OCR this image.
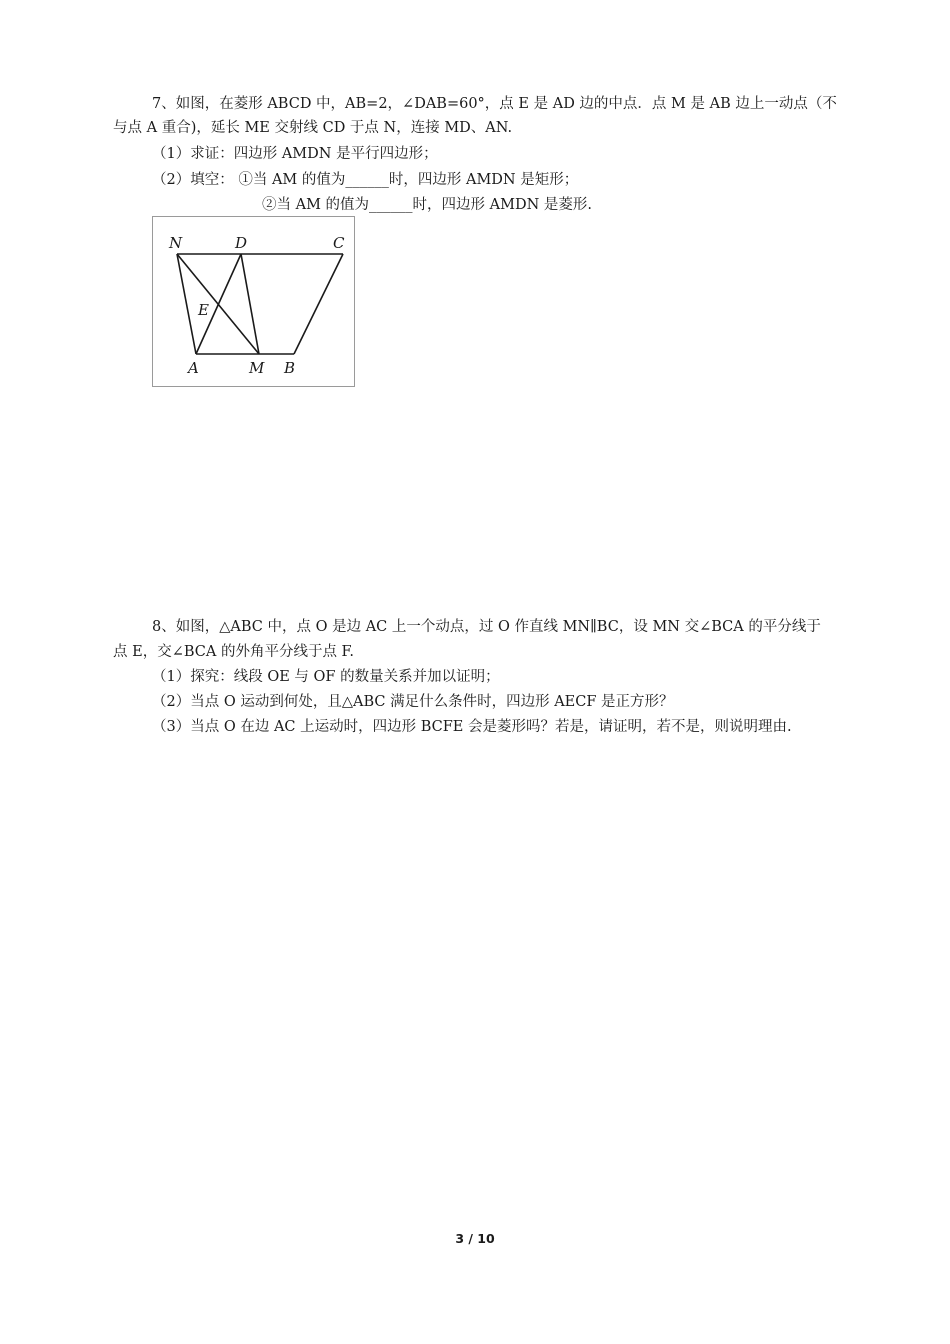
7、如图，在菱形 ABCD 中，AB=2，∠DAB=60°，点 E 是 AD 边的中点．点 M 是 AB 边上一动点（不
与点 A 重合)，延长 ME 交射线 CD 于点 N，连接 MD、AN.
（1）求证：四边形 AMDN 是平行四边形；
（2）填空： ①当 AM 的值为______时，四边形 AMDN 是矩形；
②当 AM 的值为______时，四边形 AMDN 是菱形.
N	D	C
E
A	M B
8、如图，△ABC 中，点 O 是边 AC 上一个动点，过 O 作直线 MN∥BC，设 MN 交∠BCA 的平分线于
点 E，交∠BCA 的外角平分线于点 F.
（1）探究：线段 OE 与 OF 的数量关系并加以证明；
（2）当点 O 运动到何处，且△ABC 满足什么条件时，四边形 AECF 是正方形？
（3）当点 O 在边 AC 上运动时，四边形 BCFE 会是菱形吗？若是，请证明，若不是，则说明理由.
3 / 10
